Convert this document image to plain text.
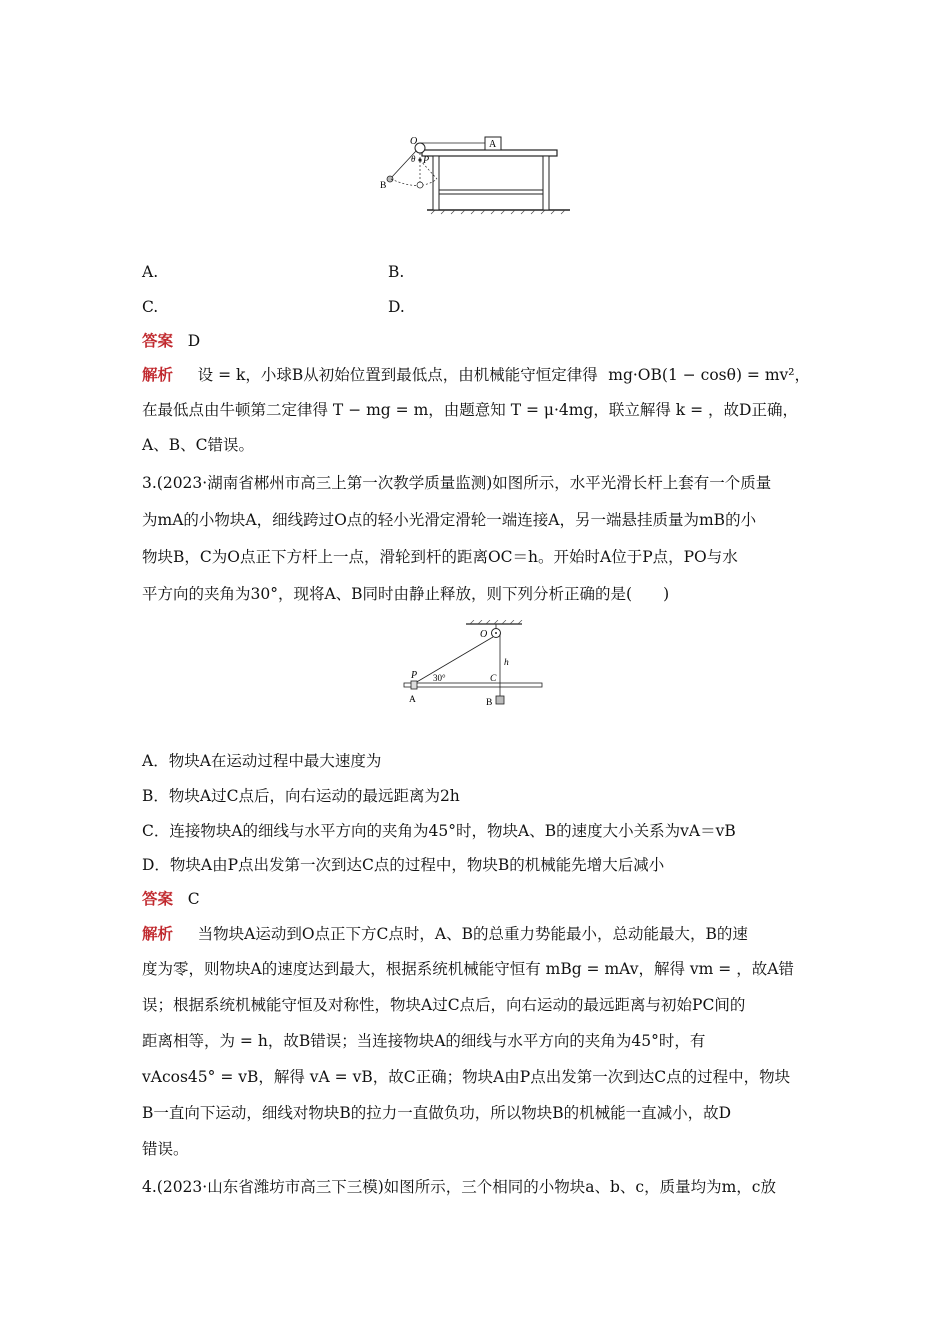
A
O
B
θ P
A.	B.
C.	D.
答案 D
解析 设 = k，小球B从初始位置到最低点，由机械能守恒定律得 mg·OB(1 − cosθ) = mv²，
在最低点由牛顿第二定律得 T − mg = m，由题意知 T = μ·4mg，联立解得 k = ，故D正确，
A、B、C错误。
3.(2023·湖南省郴州市高三上第一次教学质量监测)如图所示，水平光滑长杆上套有一个质量
为mA的小物块A，细线跨过O点的轻小光滑定滑轮一端连接A，另一端悬挂质量为mB的小
物块B，C为O点正下方杆上一点，滑轮到杆的距离OC＝h。开始时A位于P点，PO与水
平方向的夹角为30°，现将A、B同时由静止释放，则下列分析正确的是(　　)
O
A
P 30°	C
h
B
A．物块A在运动过程中最大速度为
B．物块A过C点后，向右运动的最远距离为2h
C．连接物块A的细线与水平方向的夹角为45°时，物块A、B的速度大小关系为vA＝vB
D．物块A由P点出发第一次到达C点的过程中，物块B的机械能先增大后减小
答案 C
解析 当物块A运动到O点正下方C点时，A、B的总重力势能最小，总动能最大，B的速
度为零，则物块A的速度达到最大，根据系统机械能守恒有 mBg = mAv，解得 vm = ，故A错
误；根据系统机械能守恒及对称性，物块A过C点后，向右运动的最远距离与初始PC间的
距离相等，为 = h，故B错误；当连接物块A的细线与水平方向的夹角为45°时，有
vAcos45° = vB，解得 vA = vB，故C正确；物块A由P点出发第一次到达C点的过程中，物块
B一直向下运动，细线对物块B的拉力一直做负功，所以物块B的机械能一直减小，故D
错误。
4.(2023·山东省潍坊市高三下三模)如图所示，三个相同的小物块a、b、c，质量均为m，c放
